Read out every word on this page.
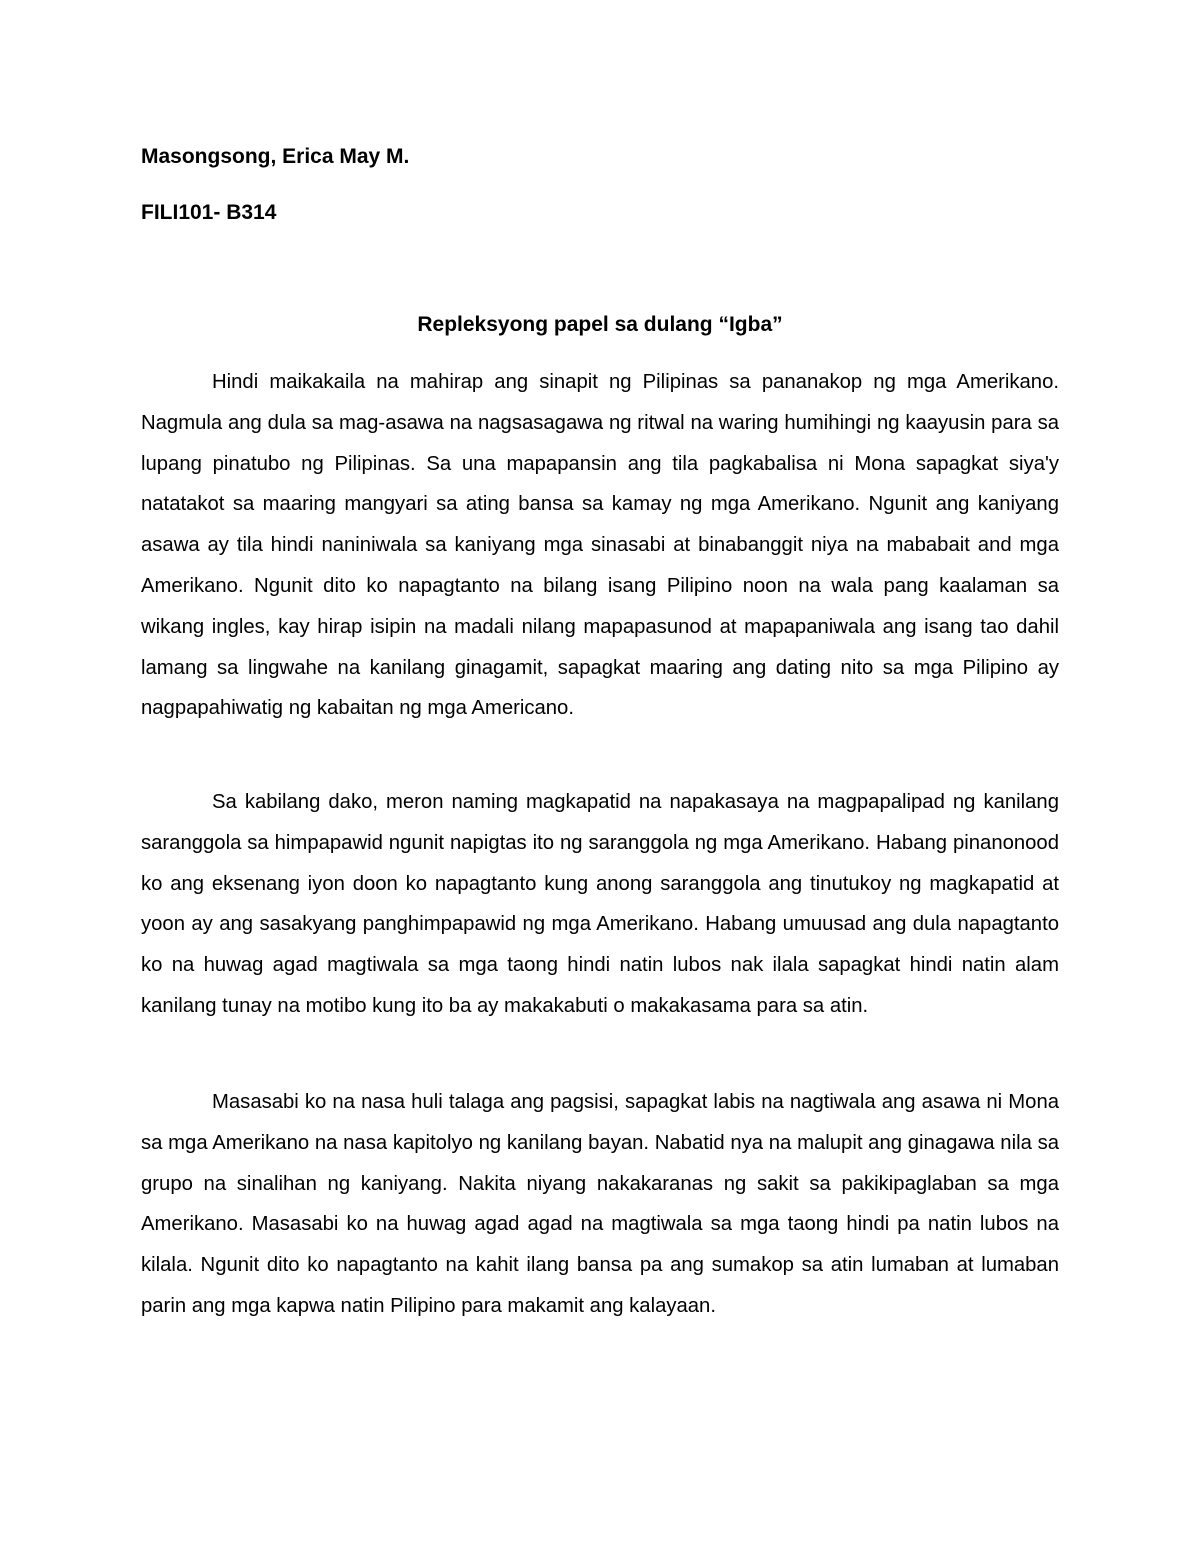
Masongsong, Erica May M.

FILI101- B314

Repleksyong papel sa dulang “Igba”

Hindi maikakaila na mahirap ang sinapit ng Pilipinas sa pananakop ng mga Amerikano. Nagmula ang dula sa mag-asawa na nagsasagawa ng ritwal na waring humihingi ng kaayusin para sa lupang pinatubo ng Pilipinas. Sa una mapapansin ang tila pagkabalisa ni Mona sapagkat siya'y natatakot sa maaring mangyari sa ating bansa sa kamay ng mga Amerikano. Ngunit ang kaniyang asawa ay tila hindi naniniwala sa kaniyang mga sinasabi at binabanggit niya na mababait and mga Amerikano. Ngunit dito ko napagtanto na bilang isang Pilipino noon na wala pang kaalaman sa wikang ingles, kay hirap isipin na madali nilang mapapasunod at mapapaniwala ang isang tao dahil lamang sa lingwahe na kanilang ginagamit, sapagkat maaring ang dating nito sa mga Pilipino ay nagpapahiwatig ng kabaitan ng mga Americano.

Sa kabilang dako, meron naming magkapatid na napakasaya na magpapalipad ng kanilang saranggola sa himpapawid ngunit napigtas ito ng saranggola ng mga Amerikano. Habang pinanonood ko ang eksenang iyon doon ko napagtanto kung anong saranggola ang tinutukoy ng magkapatid at yoon ay ang sasakyang panghimpapawid ng mga Amerikano. Habang umuusad ang dula napagtanto ko na huwag agad magtiwala sa mga taong hindi natin lubos nak ilala sapagkat hindi natin alam kanilang tunay na motibo kung ito ba ay makakabuti o makakasama para sa atin.

Masasabi ko na nasa huli talaga ang pagsisi, sapagkat labis na nagtiwala ang asawa ni Mona sa mga Amerikano na nasa kapitolyo ng kanilang bayan. Nabatid nya na malupit ang ginagawa nila sa grupo na sinalihan ng kaniyang. Nakita niyang nakakaranas ng sakit sa pakikipaglaban sa mga Amerikano. Masasabi ko na huwag agad agad na magtiwala sa mga taong hindi pa natin lubos na kilala. Ngunit dito ko napagtanto na kahit ilang bansa pa ang sumakop sa atin lumaban at lumaban parin ang mga kapwa natin Pilipino para makamit ang kalayaan.
